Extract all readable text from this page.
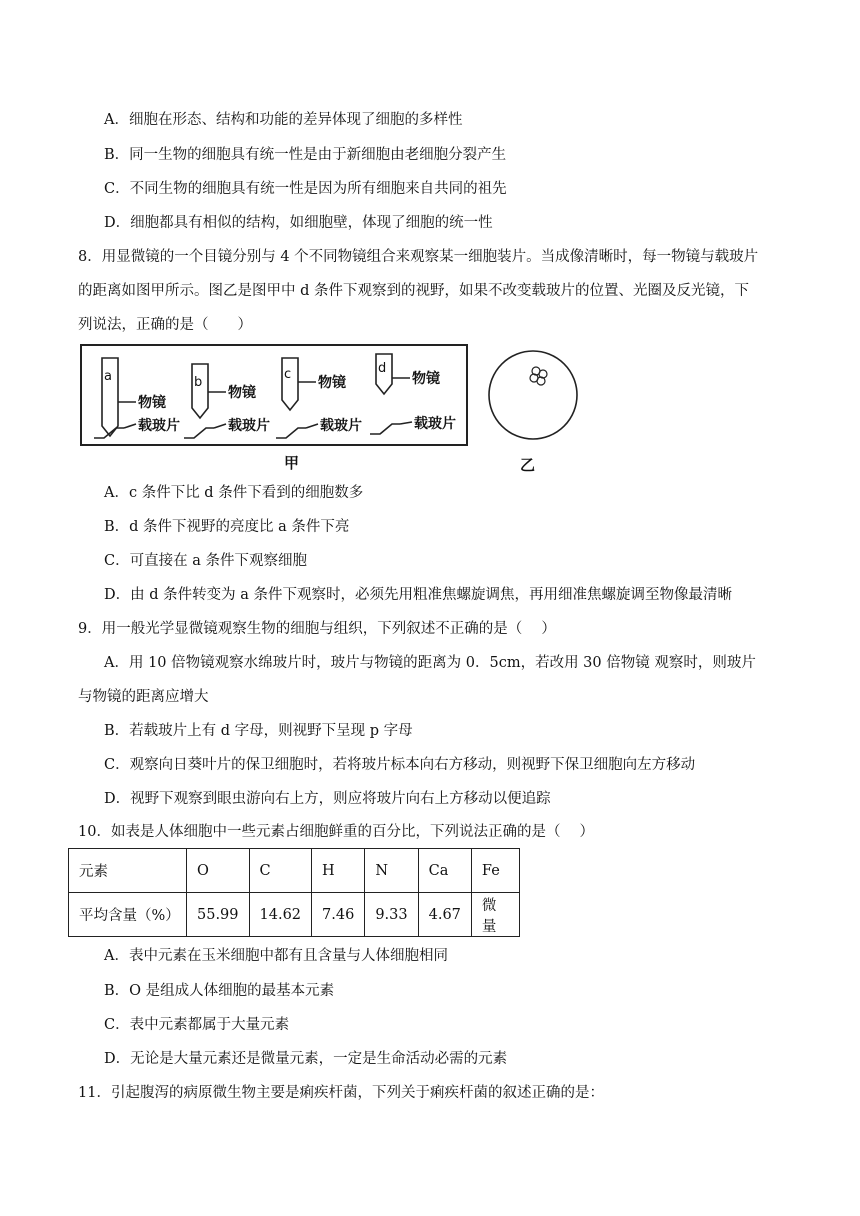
A．细胞在形态、结构和功能的差异体现了细胞的多样性
B．同一生物的细胞具有统一性是由于新细胞由老细胞分裂产生
C．不同生物的细胞具有统一性是因为所有细胞来自共同的祖先
D．细胞都具有相似的结构，如细胞壁，体现了细胞的统一性
8．用显微镜的一个目镜分别与 4 个不同物镜组合来观察某一细胞装片。当成像清晰时，每一物镜与载玻片
的距离如图甲所示。图乙是图甲中 d 条件下观察到的视野，如果不改变载玻片的位置、光圈及反光镜，下
列说法，正确的是（　　）
a	b
c	d
物镜
物镜
物镜	物镜
载玻片	载玻片	载玻片	载玻片
甲	乙
A．c 条件下比 d 条件下看到的细胞数多
B．d 条件下视野的亮度比 a 条件下亮
C．可直接在 a 条件下观察细胞
D．由 d 条件转变为 a 条件下观察时，必须先用粗准焦螺旋调焦，再用细准焦螺旋调至物像最清晰
9．用一般光学显微镜观察生物的细胞与组织，下列叙述不正确的是（　 ）
A．用 10 倍物镜观察水绵玻片时，玻片与物镜的距离为 0．5cm，若改用 30 倍物镜 观察时，则玻片
与物镜的距离应增大
B．若载玻片上有 d 字母，则视野下呈现 p 字母
C．观察向日葵叶片的保卫细胞时，若将玻片标本向右方移动，则视野下保卫细胞向左方移动
D．视野下观察到眼虫游向右上方，则应将玻片向右上方移动以便追踪
10．如表是人体细胞中一些元素占细胞鲜重的百分比，下列说法正确的是（　 ）
元素	O	C	H	N	Ca	Fe
平均含量（%）	55.99	14.62	7.46	9.33	4.67	微量
A．表中元素在玉米细胞中都有且含量与人体细胞相同
B．O 是组成人体细胞的最基本元素
C．表中元素都属于大量元素
D．无论是大量元素还是微量元素，一定是生命活动必需的元素
11．引起腹泻的病原微生物主要是痢疾杆菌，下列关于痢疾杆菌的叙述正确的是：
